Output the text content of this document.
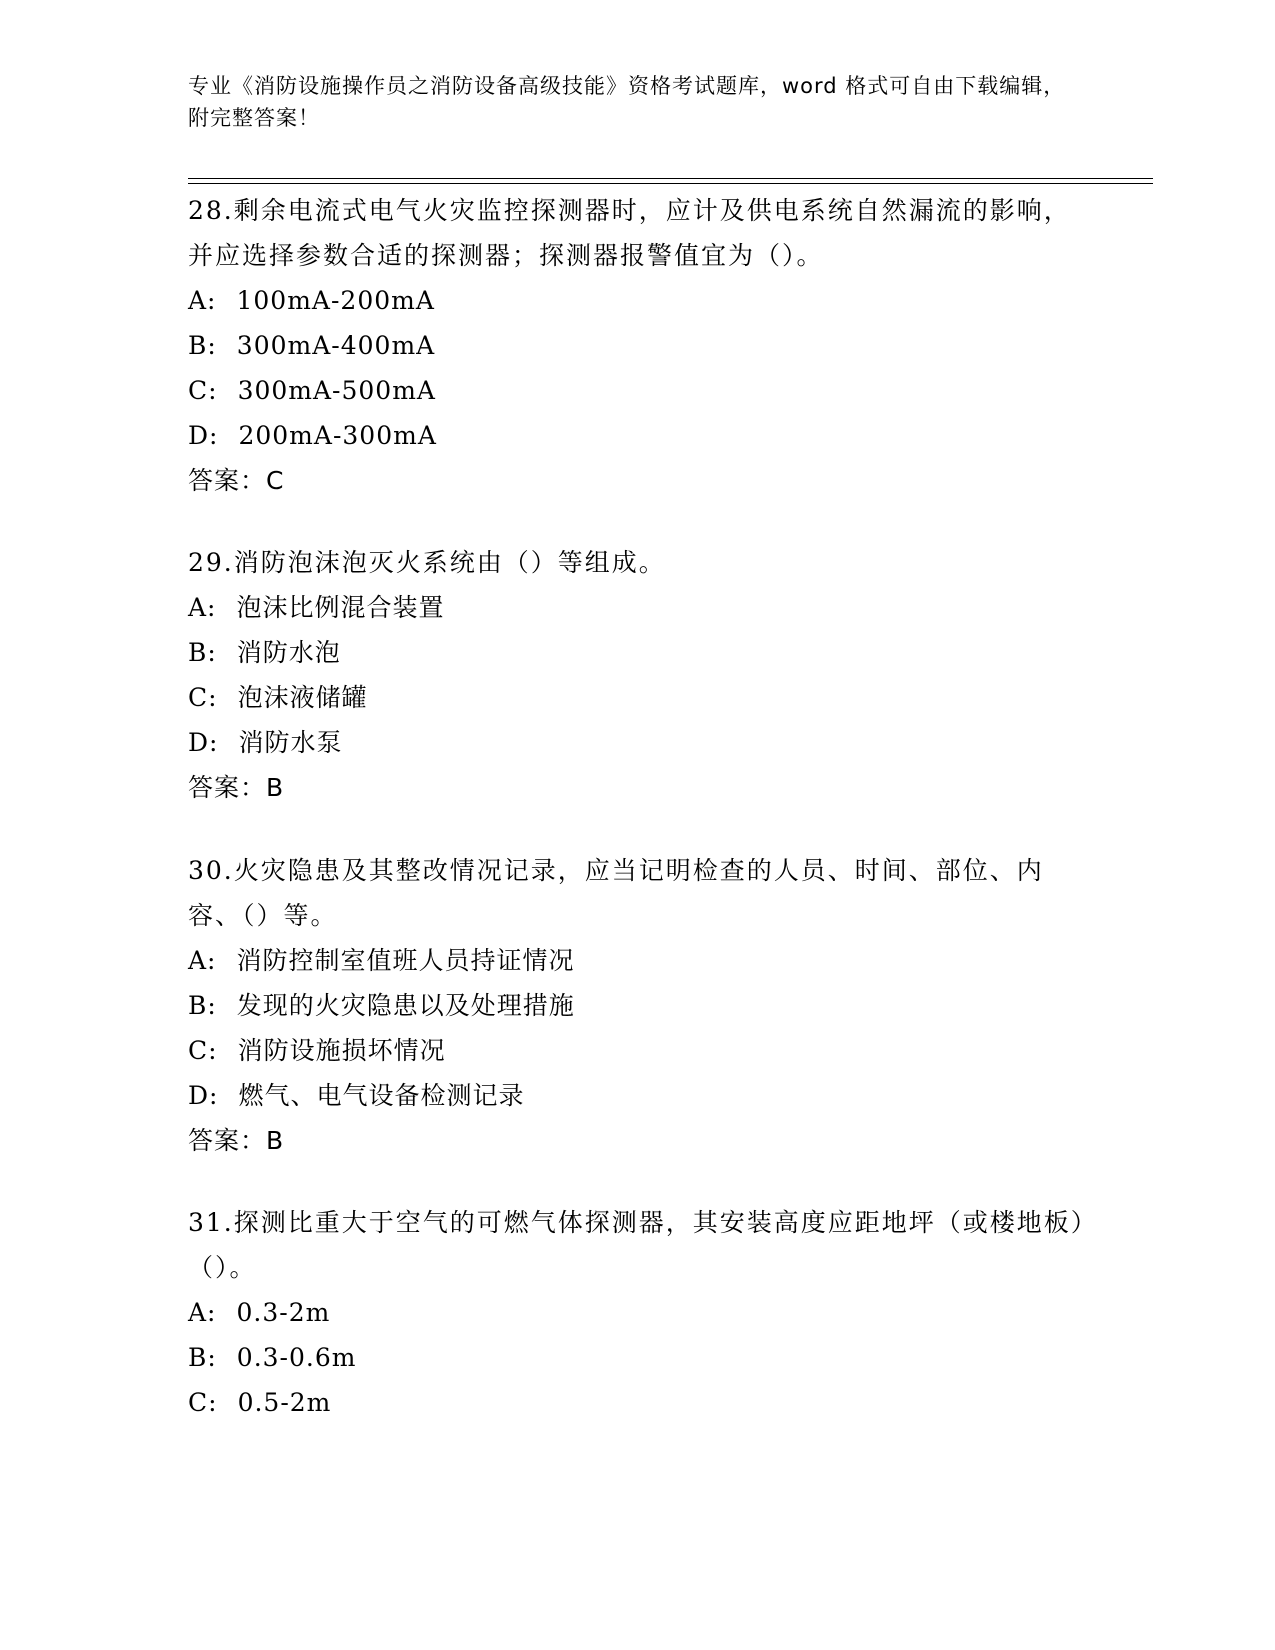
专业《消防设施操作员之消防设备高级技能》资格考试题库，word 格式可自由下载编辑，附完整答案！

28.剩余电流式电气火灾监控探测器时，应计及供电系统自然漏流的影响，并应选择参数合适的探测器；探测器报警值宜为（）。

A: 100mA-200mA

B: 300mA-400mA

C: 300mA-500mA

D: 200mA-300mA

答案：C

29.消防泡沫泡灭火系统由（）等组成。

A: 泡沫比例混合装置

B: 消防水泡

C: 泡沫液储罐

D: 消防水泵

答案：B

30.火灾隐患及其整改情况记录，应当记明检查的人员、时间、部位、内容、（）等。

A: 消防控制室值班人员持证情况

B: 发现的火灾隐患以及处理措施

C: 消防设施损坏情况

D: 燃气、电气设备检测记录

答案：B

31.探测比重大于空气的可燃气体探测器，其安装高度应距地坪（或楼地板）（）。

A: 0.3-2m

B: 0.3-0.6m

C: 0.5-2m
